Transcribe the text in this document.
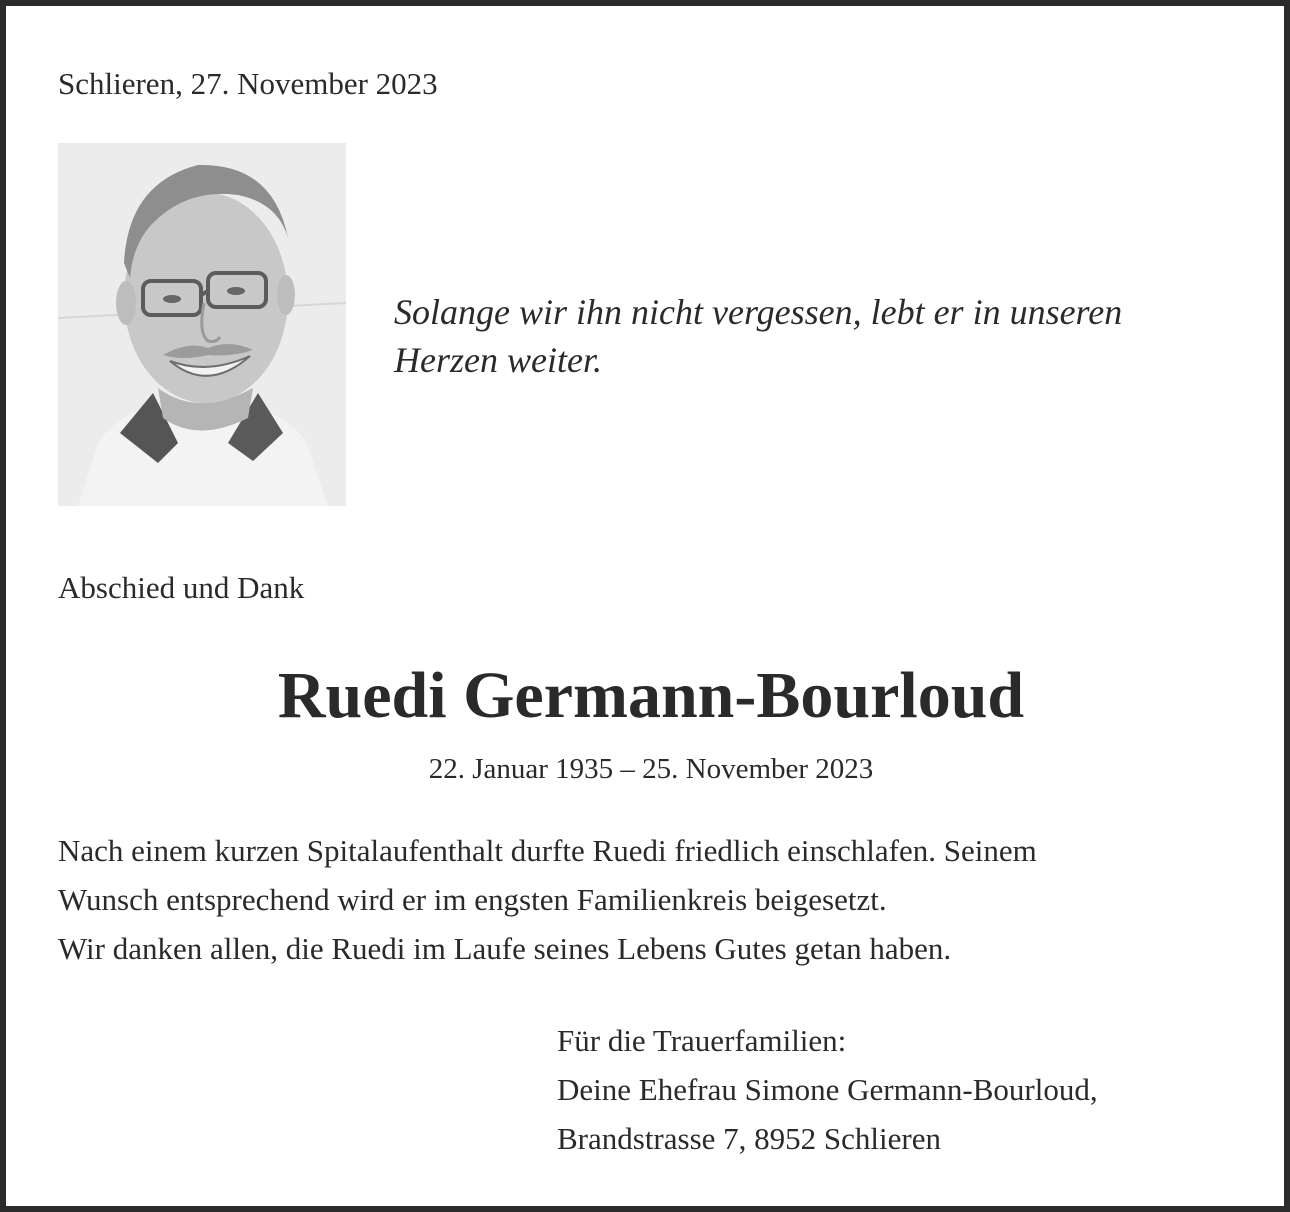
Schlieren, 27. November 2023
Solange wir ihn nicht vergessen, lebt er in unseren
Herzen weiter.
Abschied und Dank
Ruedi Germann-Bourloud
22. Januar 1935 – 25. November 2023
Nach einem kurzen Spitalaufenthalt durfte Ruedi friedlich einschlafen. Seinem
Wunsch entsprechend wird er im engsten Familienkreis beigesetzt.
Wir danken allen, die Ruedi im Laufe seines Lebens Gutes getan haben.
Für die Trauerfamilien:
Deine Ehefrau Simone Germann-Bourloud,
Brandstrasse 7, 8952 Schlieren
